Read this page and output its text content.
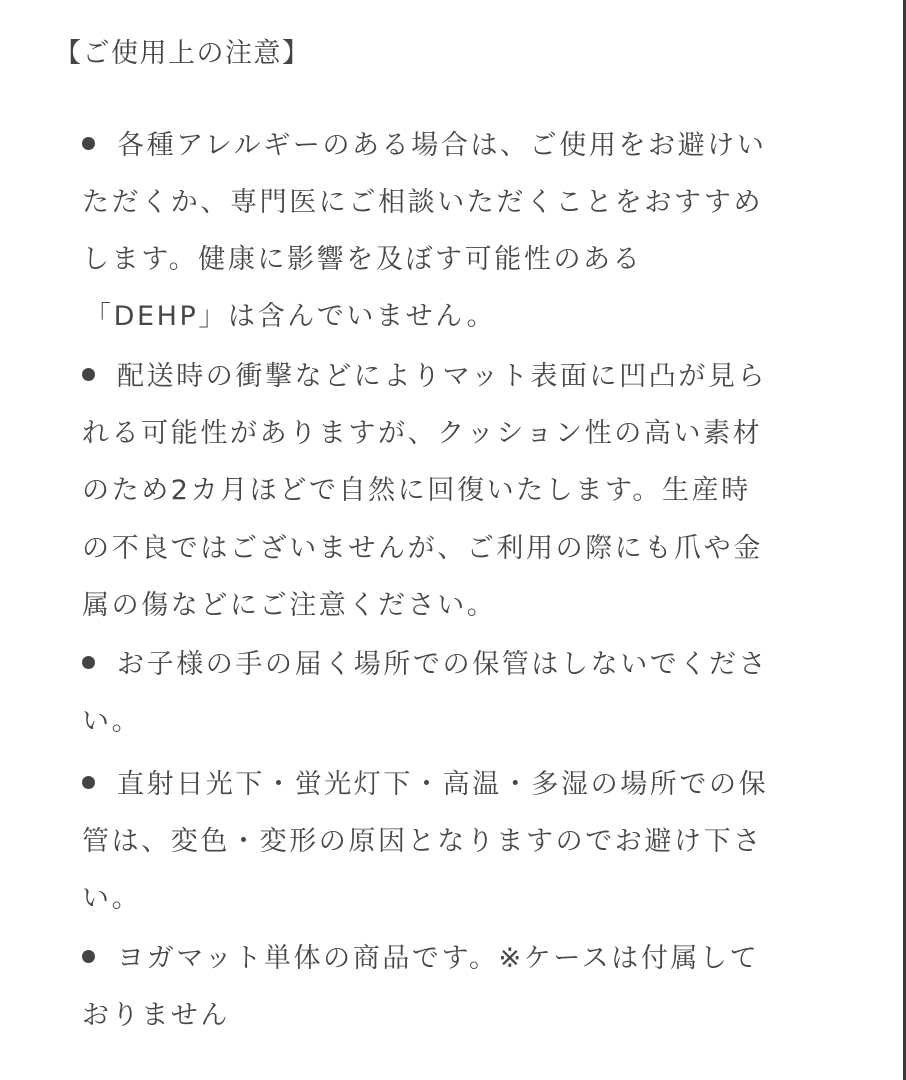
【ご使用上の注意】
各種アレルギーのある場合は、ご使用をお避けい
ただくか、専門医にご相談いただくことをおすすめ
します。健康に影響を及ぼす可能性のある
「DEHP」は含んでいません。
配送時の衝撃などによりマット表面に凹凸が見ら
れる可能性がありますが、クッション性の高い素材
のため2カ月ほどで自然に回復いたします。生産時
の不良ではございませんが、ご利用の際にも爪や金
属の傷などにご注意ください。
お子様の手の届く場所での保管はしないでくださ
い。
直射日光下・蛍光灯下・高温・多湿の場所での保
管は、変色・変形の原因となりますのでお避け下さ
い。
ヨガマット単体の商品です。※ケースは付属して
おりません
